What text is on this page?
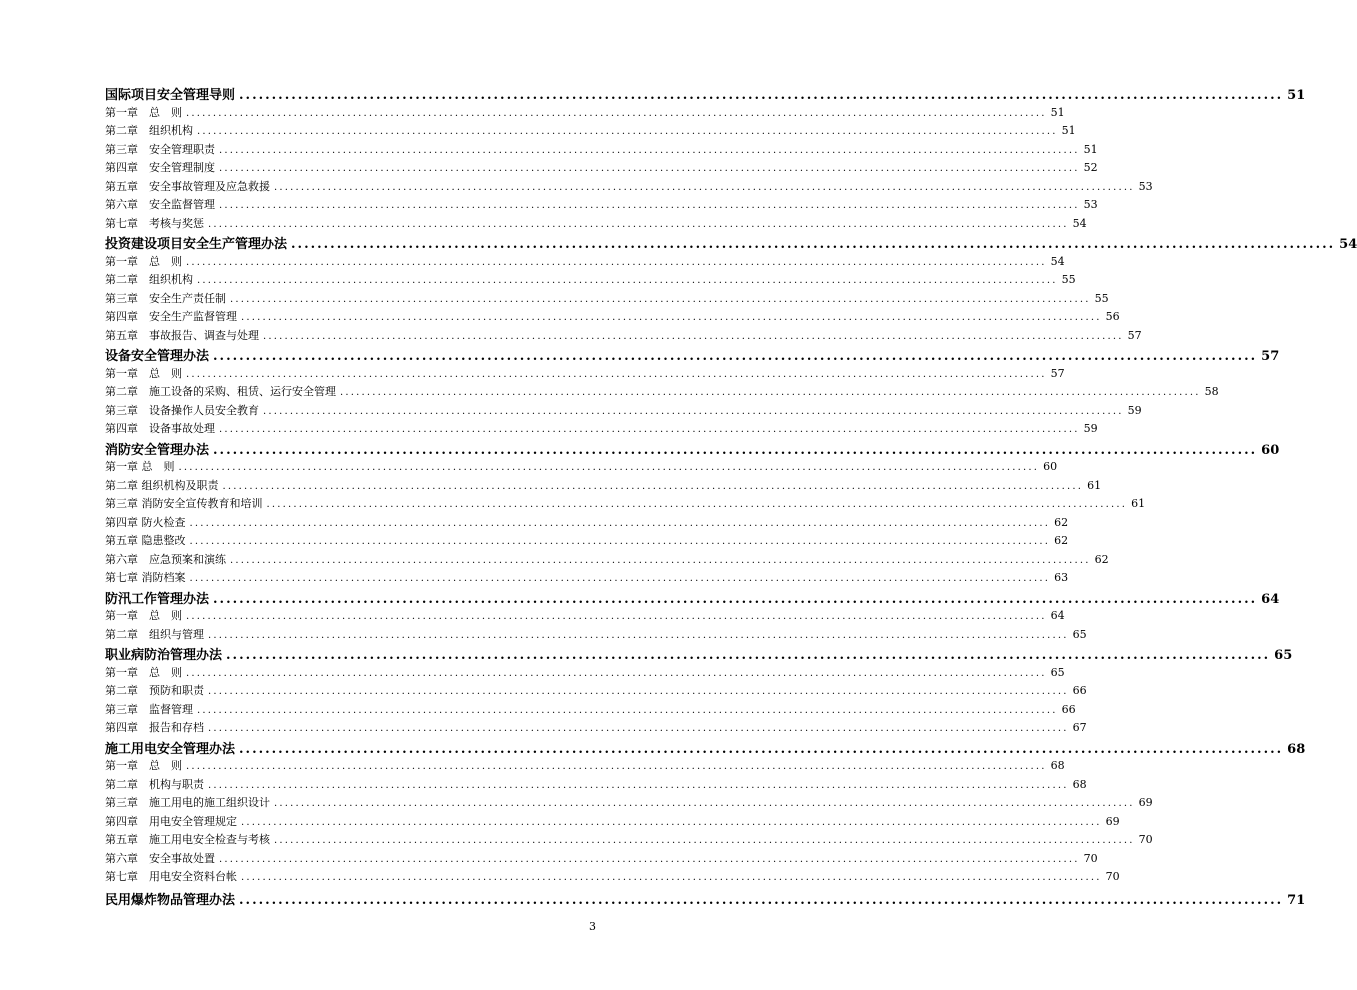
国际项目安全管理导则 ................................................................................................................................................................ 51
第一章　总　则 ................................................................................................................................................................ 51
第二章　组织机构 ................................................................................................................................................................ 51
第三章　安全管理职责 ................................................................................................................................................................ 51
第四章　安全管理制度 ................................................................................................................................................................ 52
第五章　安全事故管理及应急救援 ................................................................................................................................................................ 53
第六章　安全监督管理 ................................................................................................................................................................ 53
第七章　考核与奖惩 ................................................................................................................................................................ 54
投资建设项目安全生产管理办法 ................................................................................................................................................................ 54
第一章　总　则 ................................................................................................................................................................ 54
第二章　组织机构 ................................................................................................................................................................ 55
第三章　安全生产责任制 ................................................................................................................................................................ 55
第四章　安全生产监督管理 ................................................................................................................................................................ 56
第五章　事故报告、调查与处理 ................................................................................................................................................................ 57
设备安全管理办法 ................................................................................................................................................................ 57
第一章　总　则 ................................................................................................................................................................ 57
第二章　施工设备的采购、租赁、运行安全管理 ................................................................................................................................................................ 58
第三章　设备操作人员安全教育 ................................................................................................................................................................ 59
第四章　设备事故处理 ................................................................................................................................................................ 59
消防安全管理办法 ................................................................................................................................................................ 60
第一章 总　则 ................................................................................................................................................................ 60
第二章 组织机构及职责 ................................................................................................................................................................ 61
第三章 消防安全宣传教育和培训 ................................................................................................................................................................ 61
第四章 防火检查 ................................................................................................................................................................ 62
第五章 隐患整改 ................................................................................................................................................................ 62
第六章　应急预案和演练 ................................................................................................................................................................ 62
第七章 消防档案 ................................................................................................................................................................ 63
防汛工作管理办法 ................................................................................................................................................................ 64
第一章　总　则 ................................................................................................................................................................ 64
第二章　组织与管理 ................................................................................................................................................................ 65
职业病防治管理办法 ................................................................................................................................................................ 65
第一章　总　则 ................................................................................................................................................................ 65
第二章　预防和职责 ................................................................................................................................................................ 66
第三章　监督管理 ................................................................................................................................................................ 66
第四章　报告和存档 ................................................................................................................................................................ 67
施工用电安全管理办法 ................................................................................................................................................................ 68
第一章　总　则 ................................................................................................................................................................ 68
第二章　机构与职责 ................................................................................................................................................................ 68
第三章　施工用电的施工组织设计 ................................................................................................................................................................ 69
第四章　用电安全管理规定 ................................................................................................................................................................ 69
第五章　施工用电安全检查与考核 ................................................................................................................................................................ 70
第六章　安全事故处置 ................................................................................................................................................................ 70
第七章　用电安全资料台帐 ................................................................................................................................................................ 70
民用爆炸物品管理办法 ................................................................................................................................................................ 71
3
